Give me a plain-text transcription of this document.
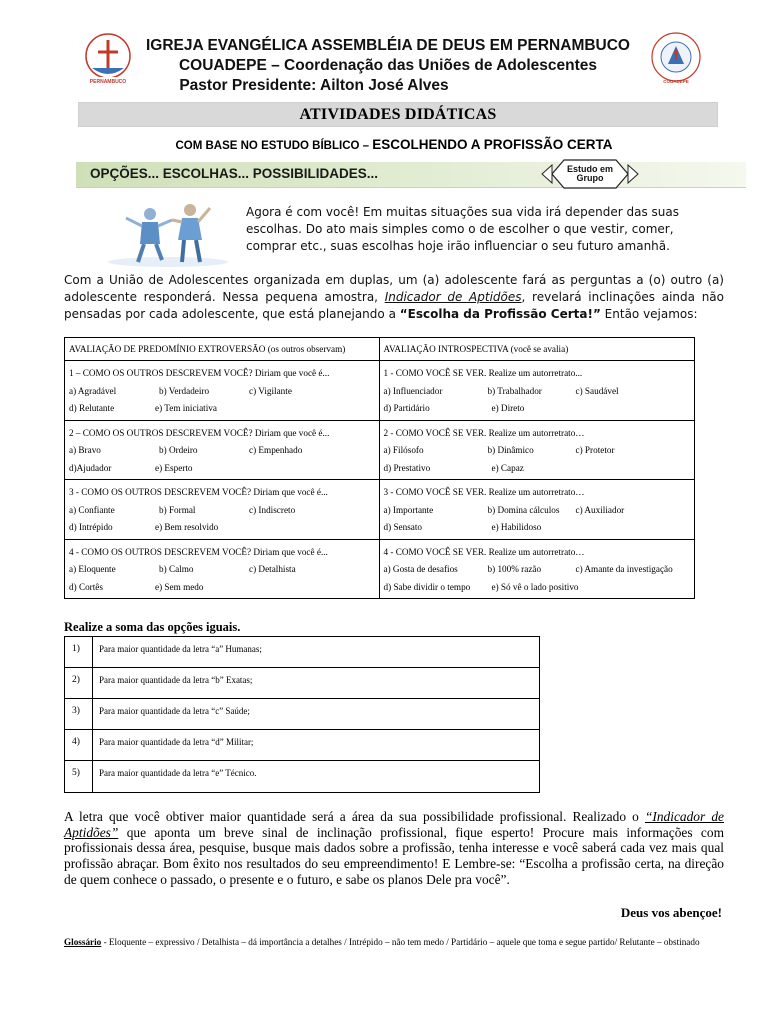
PERNAMBUCO	COUADEPE
IGREJA EVANGÉLICA ASSEMBLÉIA DE DEUS EM PERNAMBUCO
COUADEPE – Coordenação das Uniões de Adolescentes
Pastor Presidente: Ailton José Alves
ATIVIDADES DIDÁTICAS
COM BASE NO ESTUDO BÍBLICO – ESCOLHENDO A PROFISSÃO CERTA
OPÇÕES... ESCOLHAS... POSSIBILIDADES...	Estudo em
Grupo
Agora é com você! Em muitas situações sua vida irá depender das suas escolhas. Do ato mais simples como o de escolher o que vestir, comer, comprar etc., suas escolhas hoje irão influenciar o seu futuro amanhã.
Com a União de Adolescentes organizada em duplas, um (a) adolescente fará as perguntas a (o) outro (a) adolescente responderá. Nessa pequena amostra, Indicador de Aptidões, revelará inclinações ainda não pensadas por cada adolescente, que está planejando a “Escolha da Profissão Certa!” Então vejamos:
AVALIAÇÃO DE PREDOMÍNIO EXTROVERSÃO (os outros observam)	AVALIAÇÃO INTROSPECTIVA (você se avalia)
1 – COMO OS OUTROS DESCREVEM VOCÊ? Diriam que você é...
a) Agradável	b) Verdadeiro	c) Vigilante
d) Relutante	e) Tem iniciativa
1 - COMO VOCÊ SE VER. Realize um autorretrato...
a) Influenciador	b) Trabalhador	c) Saudável
d) Partidário	e) Direto
2 – COMO OS OUTROS DESCREVEM VOCÊ? Diriam que você é...
a) Bravo	b) Ordeiro	c) Empenhado
d)Ajudador	e) Esperto
2 - COMO VOCÊ SE VER. Realize um autorretrato…
a) Filósofo	b) Dinâmico	c) Protetor
d) Prestativo	e) Capaz
3 - COMO OS OUTROS DESCREVEM VOCÊ? Diriam que você é...
a) Confiante	b) Formal	c) Indiscreto
d) Intrépido	e) Bem resolvido
3 - COMO VOCÊ SE VER. Realize um autorretrato…
a) Importante	b) Domina cálculos c) Auxiliador
d) Sensato	e) Habilidoso
4 - COMO OS OUTROS DESCREVEM VOCÊ? Diriam que você é...
a) Eloquente	b) Calmo	c) Detalhista
d) Cortês	e) Sem medo
4 - COMO VOCÊ SE VER. Realize um autorretrato…
a) Gosta de desafios	b) 100% razão	c) Amante da investigação
d) Sabe dividir o tempo e) Só vê o lado positivo
Realize a soma das opções iguais.
1)	Para maior quantidade da letra “a” Humanas;
2)	Para maior quantidade da letra “b” Exatas;
3)	Para maior quantidade da letra “c” Saúde;
4)	Para maior quantidade da letra “d” Militar;
5)	Para maior quantidade da letra “e” Técnico.
A letra que você obtiver maior quantidade será a área da sua possibilidade profissional. Realizado o “Indicador de Aptidões” que aponta um breve sinal de inclinação profissional, fique esperto! Procure mais informações com profissionais dessa área, pesquise, busque mais dados sobre a profissão, tenha interesse e você saberá cada vez mais qual profissão abraçar. Bom êxito nos resultados do seu empreendimento! E Lembre-se: “Escolha a profissão certa, na direção de quem conhece o passado, o presente e o futuro, e sabe os planos Dele pra você”.
Deus vos abençoe!
Glossário - Eloquente – expressivo / Detalhista – dá importância a detalhes / Intrépido – não tem medo / Partidário – aquele que toma e segue partido/ Relutante – obstinado
